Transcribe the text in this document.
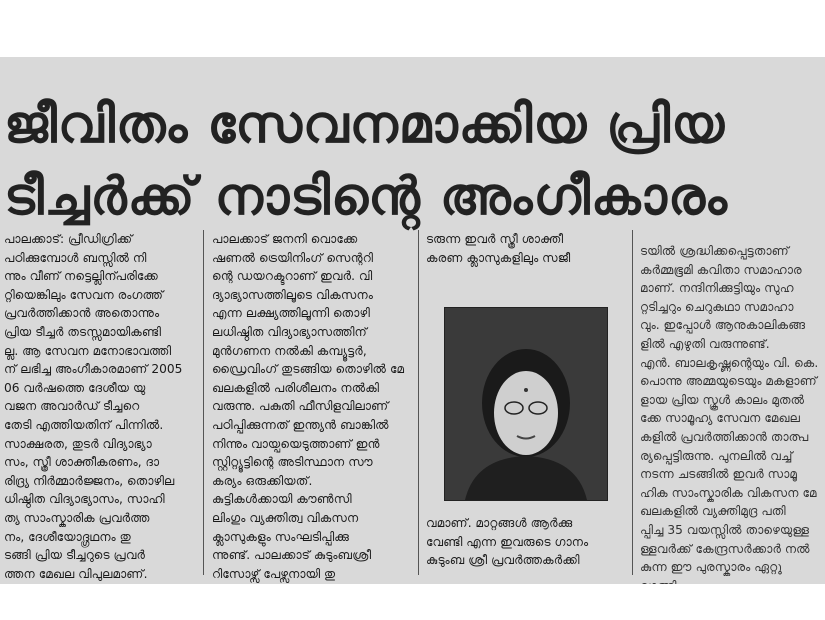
ജീവിതം സേവനമാക്കിയ പ്രിയ
ടീച്ചർക്ക് നാടിന്റെ അംഗീകാരം

പാലക്കാട്: പ്രീഡിഗ്രിക്ക്

പഠിക്കുമ്പോൾ ബസ്സിൽ നി

ന്നും വീണ് നട്ടെല്ലിന്പരിക്കേ

റ്റിയെങ്കിലും സേവന രംഗത്ത്

പ്രവർത്തിക്കാൻ അതൊന്നും

പ്രിയ ടീച്ചർ തടസ്സമായികണ്ടി

ല്ല. ആ സേവന മനോഭാവത്തി

ന് ലഭിച്ച അംഗീകാരമാണ് 2005

06 വർഷത്തെ ദേശീയ യു

വജന അവാർഡ് ടീച്ചറെ

തേടി എത്തിയതിന് പിന്നിൽ.

സാക്ഷരത, തുടർ വിദ്യാഭ്യാ

സം, സ്ത്രീ ശാക്തീകരണം, ദാ

രിദ്ര്യ നിർമ്മാർജ്ജനം, തൊഴില

ധിഷ്ഠിത വിദ്യാഭ്യാസം, സാഹി

ത്യ സാംസ്കാരിക പ്രവർത്ത

നം, ദേശീയോദ്ഗ്രഥനം തു

ടങ്ങി പ്രിയ ടീച്ചറുടെ പ്രവർ

ത്തന മേഖല വിപുലമാണ്.

പാലക്കാട് ജനനി വൊക്കേ

ഷണൽ ട്രെയിനിംഗ് സെന്ററി

ന്റെ ഡയറക്ടറാണ് ഇവർ. വി

ദ്യാഭ്യാസത്തിലൂടെ വികസനം

എന്ന ലക്ഷ്യത്തിലൂന്നി തൊഴി

ലധിഷ്ഠിത വിദ്യാഭ്യാസത്തിന്

മുൻഗണന നൽകി കമ്പ്യൂട്ടർ,

ഡ്രൈവിംഗ് തുടങ്ങിയ തൊഴിൽ മേ

ഖലകളിൽ പരിശീലനം നൽകി

വരുന്നു. പകുതി ഫീസിളവിലാണ്

പഠിപ്പിക്കുന്നത് ഇന്ത്യൻ ബാങ്കിൽ

നിന്നും വായ്പയെടുത്താണ് ഇൻ

സ്റ്റിറ്റ്യൂട്ടിന്റെ അടിസ്ഥാന സൗ

കര്യം ഒരുക്കിയത്.

കുട്ടികൾക്കായി കൗൺസി

ലിംഗും വ്യക്തിത്വ വികസന

ക്ലാസുകളും സംഘടിപ്പിക്കു

ന്നുണ്ട്. പാലക്കാട് കുടുംബശ്രീ

റിസോഴ്സ് പേഴ്സനായി തു

ടരുന്ന ഇവർ സ്ത്രീ ശാക്തീ

കരണ ക്ലാസുകളിലും സജീ

വമാണ്. മാറ്റങ്ങൾ ആർക്കു

വേണ്ടി എന്ന ഇവരുടെ ഗാനം

കുടുംബ ശ്രീ പ്രവർത്തകർക്കി

ടയിൽ ശ്രദ്ധിക്കപ്പെട്ടതാണ്

കർമ്മഭൂമി കവിതാ സമാഹാര

മാണ്. നന്ദിനിക്കുട്ടിയും സുഹ

റ്റടിച്ചറും ചെറുകഥാ സമാഹാ

വും. ഇപ്പോൾ ആനുകാലികങ്ങ

ളിൽ എഴുതി വരുന്നുണ്ട്.

എൻ. ബാലകൃഷ്ണന്റെയും വി. കെ.

പൊന്നു അമ്മയുടെയും മകളാണ്

ളായ പ്രിയ സ്കൂൾ കാലം മുതൽ

ക്കേ സാമൂഹ്യ സേവന മേഖല

കളിൽ പ്രവർത്തിക്കാൻ താത്പ

ര്യപ്പെട്ടിരുന്നു. പുനലിൽ വച്ച്

നടന്ന ചടങ്ങിൽ ഇവർ സാമൂ

ഹിക സാംസ്കാരിക വികസന മേ

ഖലകളിൽ വ്യക്തിമുദ്ര പതി

പ്പിച്ച 35 വയസ്സിൽ താഴെയുള്ള

ള്ളവർക്ക് കേന്ദ്രസർക്കാർ നൽ

കുന്ന ഈ പുരസ്കാരം ഏറ്റു
